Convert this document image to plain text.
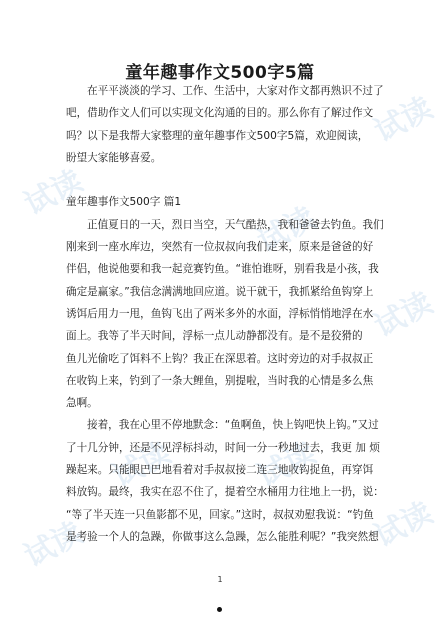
试读
试读
试读
试读
试读
试读
试读
试读
童年趣事作文500字5篇
在平平淡淡的学习、工作、生活中，大家对作文都再熟识不过了
吧，借助作文人们可以实现文化沟通的目的。那么你有了解过作文
吗？以下是我帮大家整理的童年趣事作文500字5篇，欢迎阅读，
盼望大家能够喜爱。
童年趣事作文500字 篇1
正值夏日的一天，烈日当空，天气酷热，我和爸爸去钓鱼。我们
刚来到一座水库边，突然有一位叔叔向我们走来，原来是爸爸的好
伴侣，他说他要和我一起竞赛钓鱼。“谁怕谁呀，别看我是小孩，我
确定是赢家。”我信念满满地回应道。说干就干，我抓紧给鱼钩穿上
诱饵后用力一甩，鱼钩飞出了两米多外的水面，浮标悄悄地浮在水
面上。我等了半天时间，浮标一点儿动静都没有。是不是狡猾的
鱼儿光偷吃了饵料不上钩？我正在深思着。这时旁边的对手叔叔正
在收钩上来，钓到了一条大鲤鱼，别提啦，当时我的心情是多么焦
急啊。
接着，我在心里不停地默念：“鱼啊鱼，快上钩吧快上钩。”又过
了十几分钟，还是不见浮标抖动，时间一分一秒地过去，我更 加 烦
躁起来。只能眼巴巴地看着对手叔叔接二连三地收钩捉鱼，再穿饵
料放钩。最终，我实在忍不住了，提着空水桶用力往地上一扔，说：
“等了半天连一只鱼影都不见，回家。”这时，叔叔劝慰我说：“钓鱼
是考验一个人的急躁，你做事这么急躁，怎么能胜利呢？”我突然想
1
